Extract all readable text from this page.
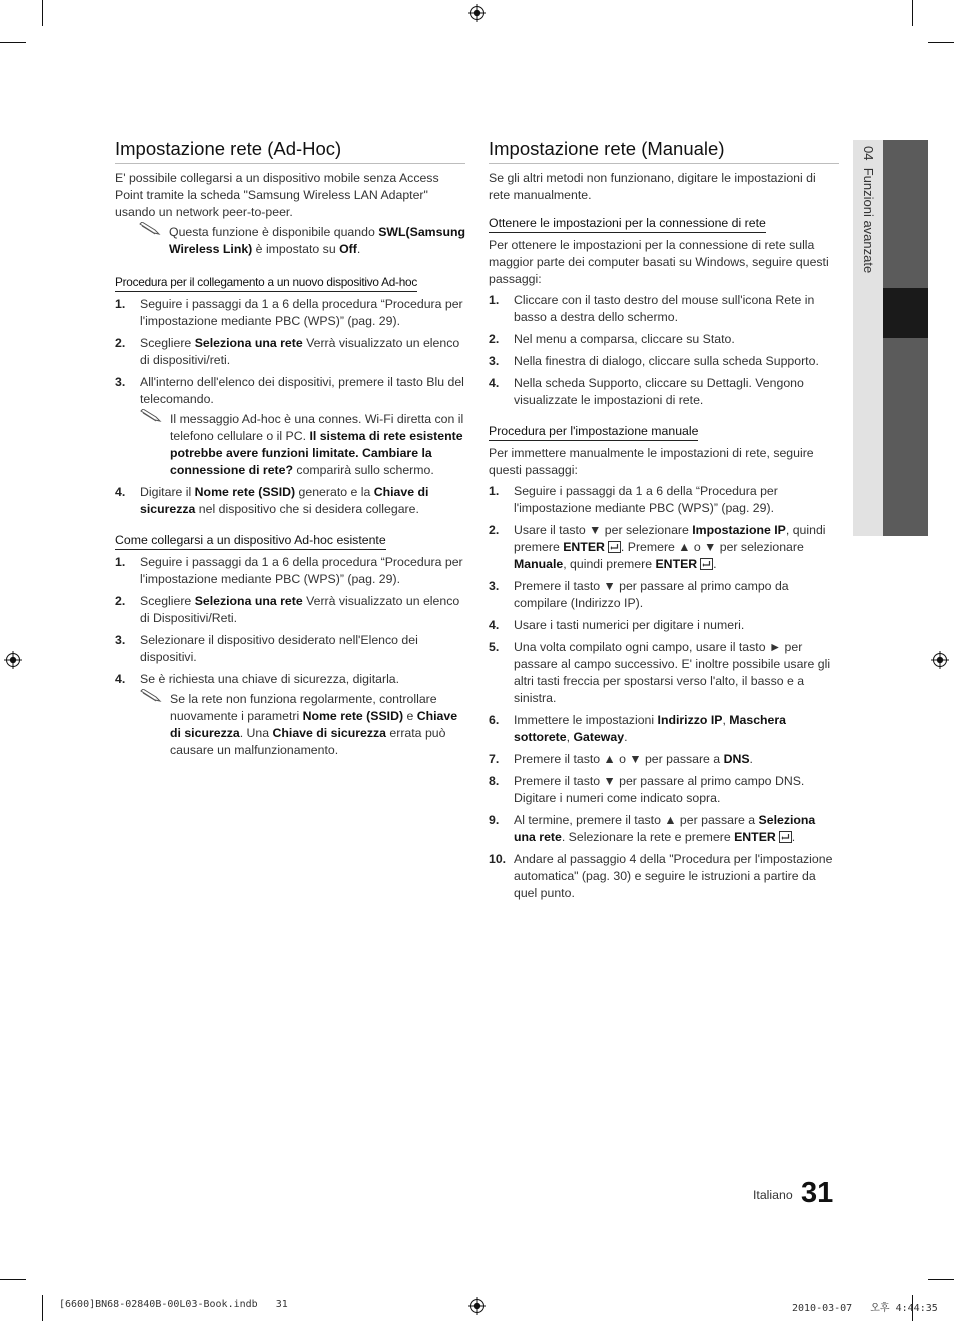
Impostazione rete (Ad-Hoc)

E' possibile collegarsi a un dispositivo mobile senza Access Point tramite la scheda "Samsung Wireless LAN Adapter" usando un network peer-to-peer.

Questa funzione è disponibile quando SWL(Samsung Wireless Link) è impostato su Off.
Procedura per il collegamento a un nuovo dispositivo Ad-hoc
1. Seguire i passaggi da 1 a 6 della procedura “Procedura per l'impostazione mediante PBC (WPS)” (pag. 29).
2. Scegliere Seleziona una rete Verrà visualizzato un elenco di dispositivi/reti.
3. All'interno dell'elenco dei dispositivi, premere il tasto Blu del telecomando.
Il messaggio Ad-hoc è una connes. Wi-Fi diretta con il telefono cellulare o il PC. Il sistema di rete esistente potrebbe avere funzioni limitate. Cambiare la connessione di rete? comparirà sullo schermo.
4. Digitare il Nome rete (SSID) generato e la Chiave di sicurezza nel dispositivo che si desidera collegare.
Come collegarsi a un dispositivo Ad-hoc esistente
1. Seguire i passaggi da 1 a 6 della procedura “Procedura per l'impostazione mediante PBC (WPS)” (pag. 29).
2. Scegliere Seleziona una rete Verrà visualizzato un elenco di Dispositivi/Reti.
3. Selezionare il dispositivo desiderato nell'Elenco dei dispositivi.
4. Se è richiesta una chiave di sicurezza, digitarla.
Se la rete non funziona regolarmente, controllare nuovamente i parametri Nome rete (SSID) e Chiave di sicurezza. Una Chiave di sicurezza errata può causare un malfunzionamento.
Impostazione rete (Manuale)

Se gli altri metodi non funzionano, digitare le impostazioni di rete manualmente.

Ottenere le impostazioni per la connessione di rete

Per ottenere le impostazioni per la connessione di rete sulla maggior parte dei computer basati su Windows, seguire questi passaggi:

1. Cliccare con il tasto destro del mouse sull'icona Rete in basso a destra dello schermo.
2. Nel menu a comparsa, cliccare su Stato.
3. Nella finestra di dialogo, cliccare sulla scheda Supporto.
4. Nella scheda Supporto, cliccare su Dettagli. Vengono visualizzate le impostazioni di rete.
Procedura per l'impostazione manuale

Per immettere manualmente le impostazioni di rete, seguire questi passaggi:

1. Seguire i passaggi da 1 a 6 della “Procedura per l'impostazione mediante PBC (WPS)” (pag. 29).
2. Usare il tasto ▼ per selezionare Impostazione IP, quindi premere ENTER . Premere ▲ o ▼ per selezionare Manuale, quindi premere ENTER .
3. Premere il tasto ▼ per passare al primo campo da compilare (Indirizzo IP).
4. Usare i tasti numerici per digitare i numeri.
5. Una volta compilato ogni campo, usare il tasto ► per passare al campo successivo. E' inoltre possibile usare gli altri tasti freccia per spostarsi verso l'alto, il basso e a sinistra.
6. Immettere le impostazioni Indirizzo IP, Maschera sottorete, Gateway.
7. Premere il tasto ▲ o ▼ per passare a DNS.
8. Premere il tasto ▼ per passare al primo campo DNS. Digitare i numeri come indicato sopra.
9. Al termine, premere il tasto ▲ per passare a Seleziona una rete. Selezionare la rete e premere ENTER .
10. Andare al passaggio 4 della "Procedura per l'impostazione automatica" (pag. 30) e seguire le istruzioni a partire da quel punto.
04  Funzioni avanzate
Italiano 31
[6600]BN68-02840B-00L03-Book.indb   31	2010-03-07   오후 4:44:35
